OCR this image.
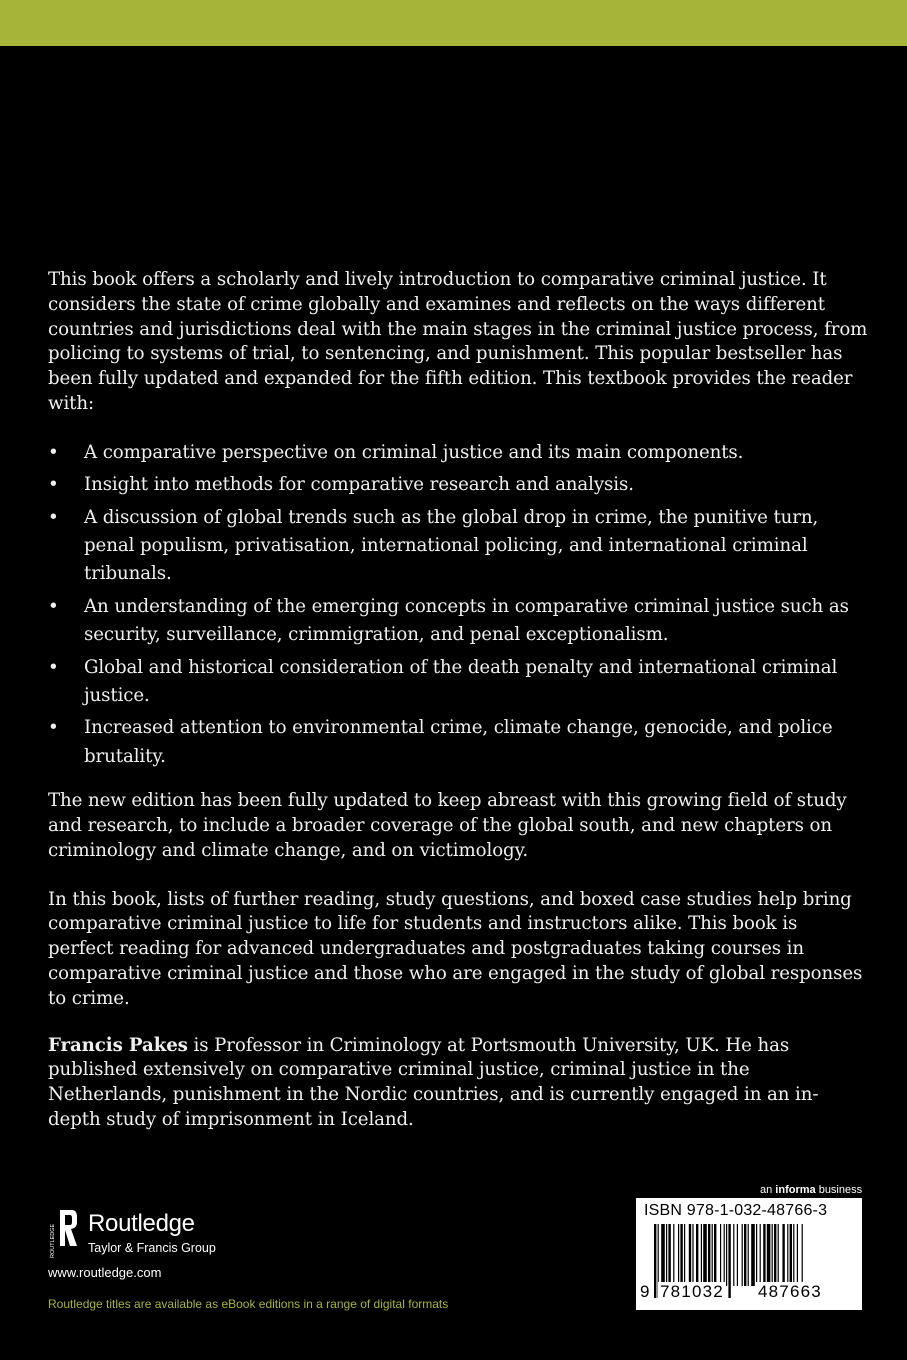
This book offers a scholarly and lively introduction to comparative criminal justice. It considers the state of crime globally and examines and reflects on the ways different countries and jurisdictions deal with the main stages in the criminal justice process, from policing to systems of trial, to sentencing, and punishment. This popular bestseller has been fully updated and expanded for the fifth edition. This textbook provides the reader with:

• A comparative perspective on criminal justice and its main components.
• Insight into methods for comparative research and analysis.
• A discussion of global trends such as the global drop in crime, the punitive turn, penal populism, privatisation, international policing, and international criminal tribunals.
• An understanding of the emerging concepts in comparative criminal justice such as security, surveillance, crimmigration, and penal exceptionalism.
• Global and historical consideration of the death penalty and international criminal justice.
• Increased attention to environmental crime, climate change, genocide, and police brutality.

The new edition has been fully updated to keep abreast with this growing field of study and research, to include a broader coverage of the global south, and new chapters on criminology and climate change, and on victimology.

In this book, lists of further reading, study questions, and boxed case studies help bring comparative criminal justice to life for students and instructors alike. This book is perfect reading for advanced undergraduates and postgraduates taking courses in comparative criminal justice and those who are engaged in the study of global responses to crime.

Francis Pakes is Professor in Criminology at Portsmouth University, UK. He has published extensively on comparative criminal justice, criminal justice in the Netherlands, punishment in the Nordic countries, and is currently engaged in an in-depth study of imprisonment in Iceland.

ROUTLEDGE
Routledge
Taylor & Francis Group
www.routledge.com
Routledge titles are available as eBook editions in a range of digital formats
an informa business
ISBN 978-1-032-48766-3
9 781032 487663
